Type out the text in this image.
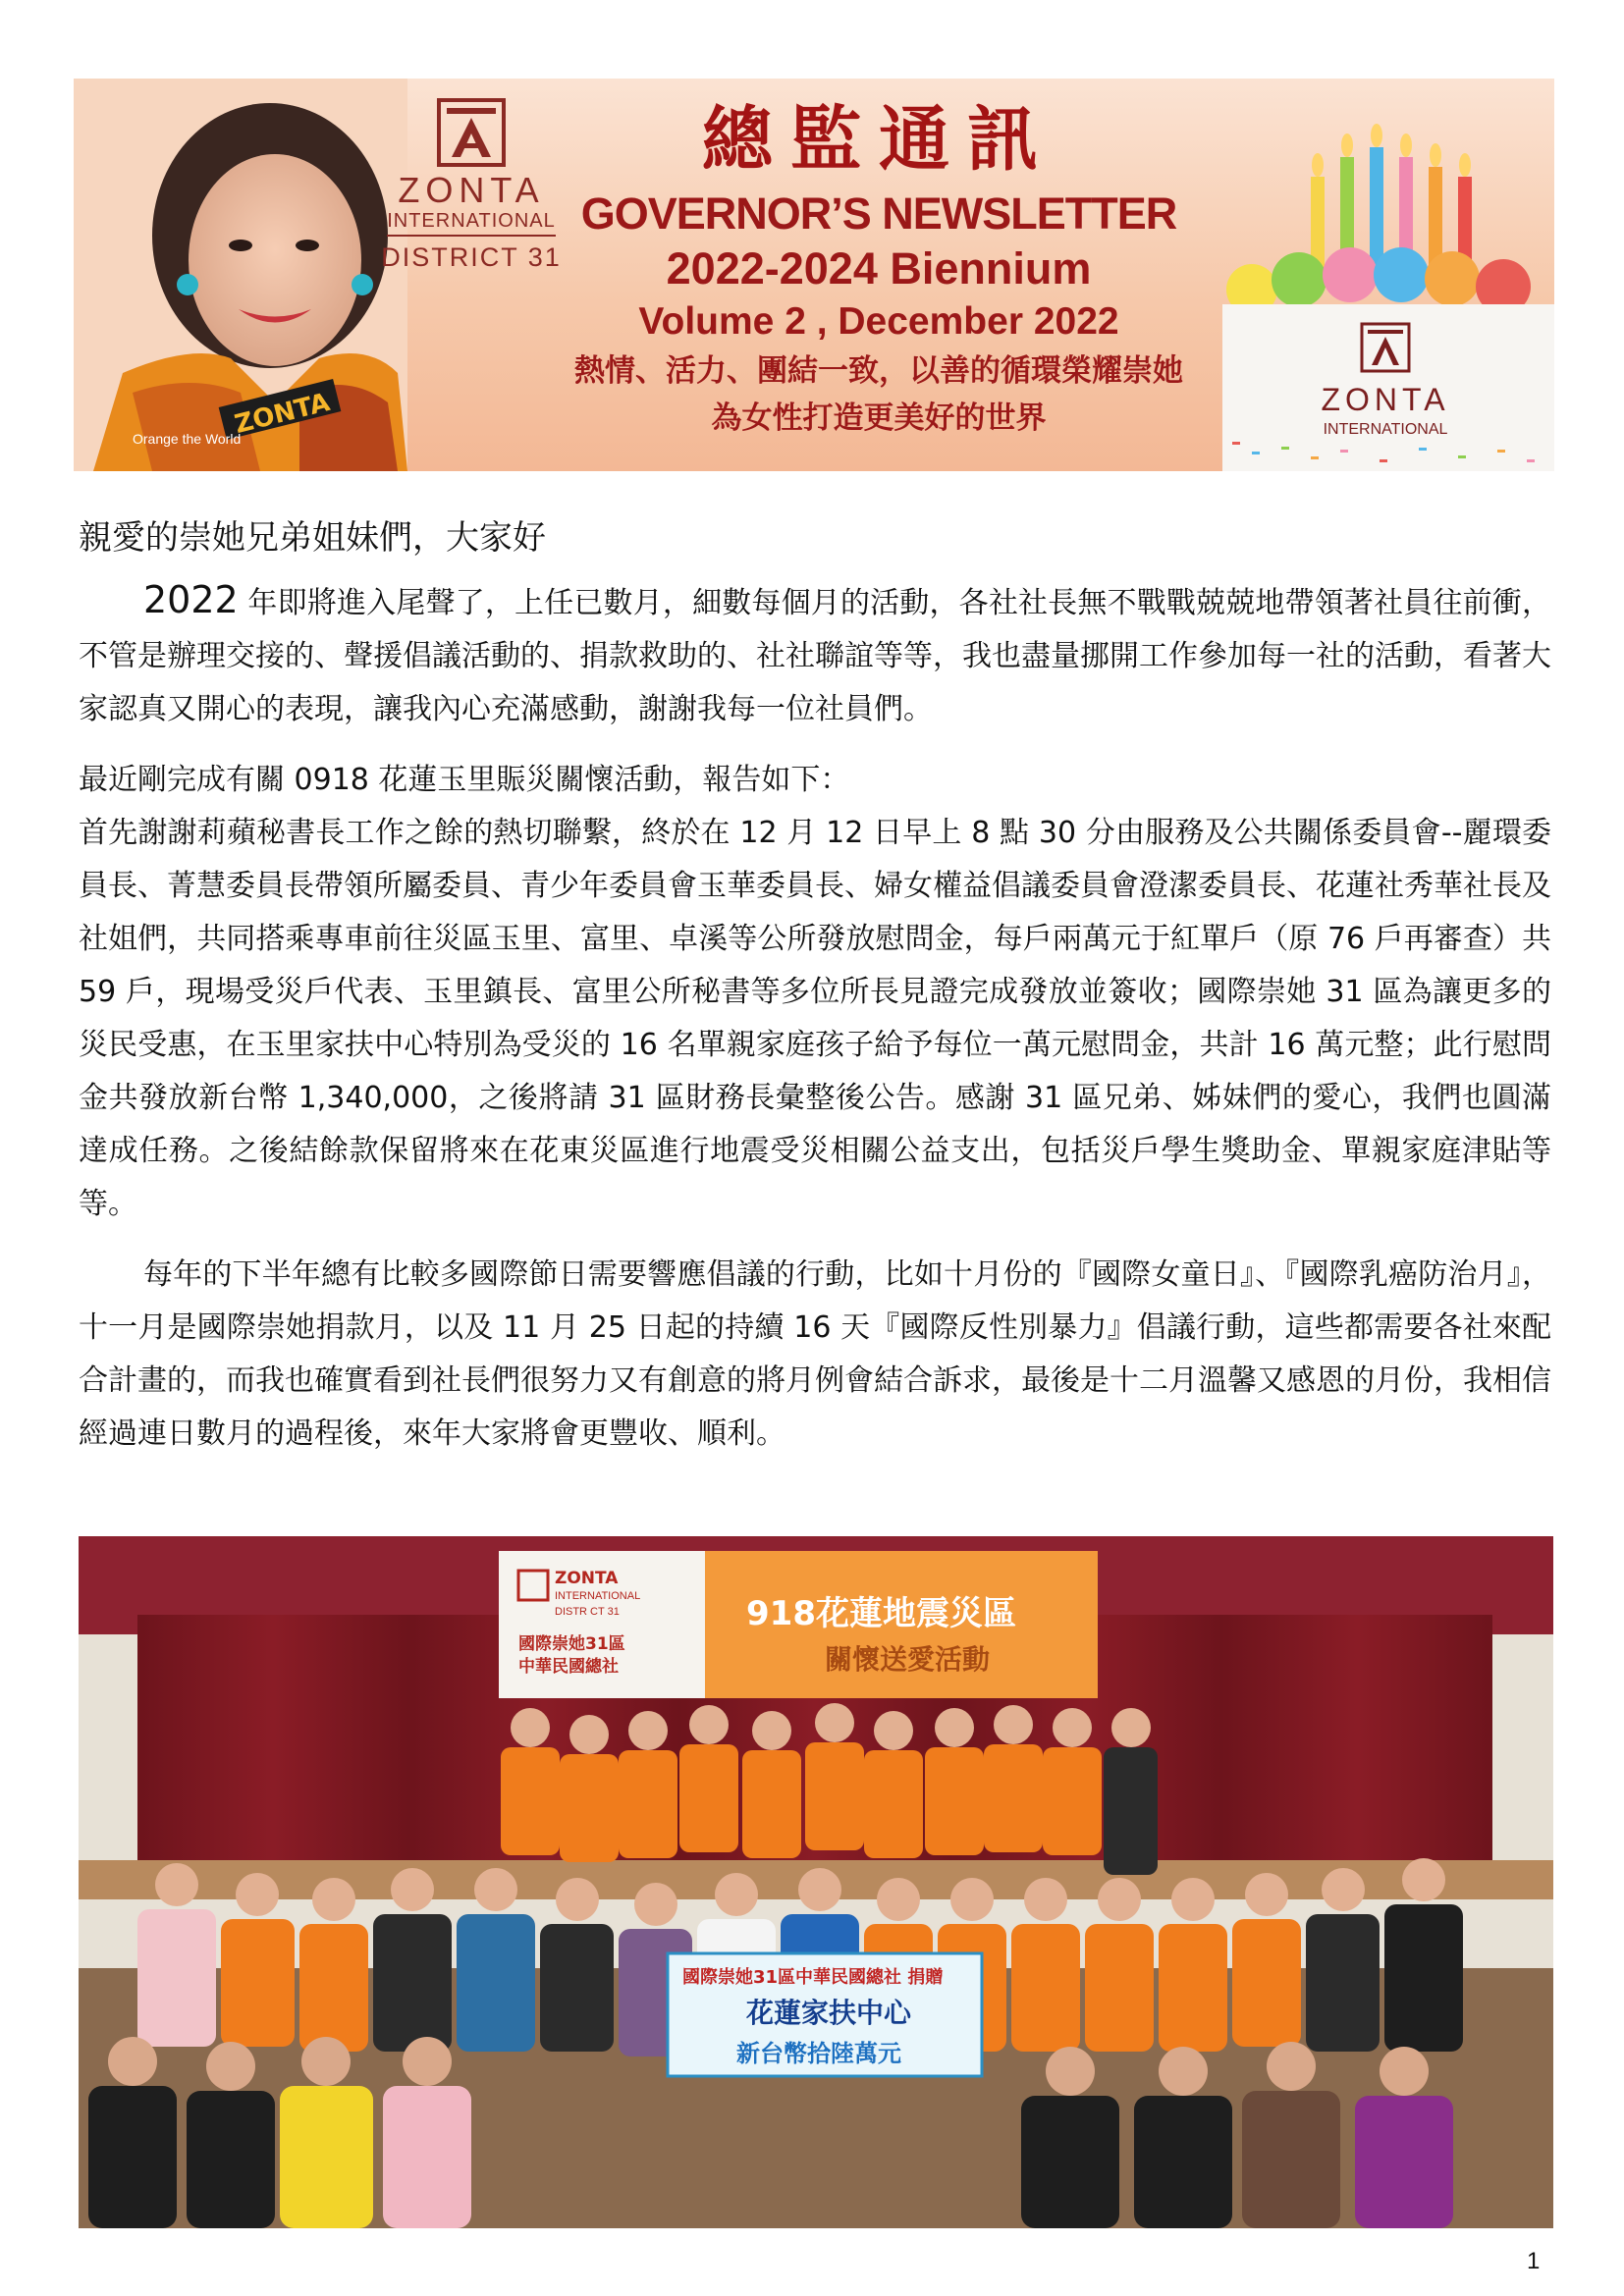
ZONTA
Orange the World
ZONTA
INTERNATIONAL
DISTRICT 31
總監通訊
GOVERNOR’S NEWSLETTER
2022-2024 Biennium
Volume 2 , December 2022
熱情、活力、團結一致，以善的循環榮耀崇她
為女性打造更美好的世界
ZONTA
INTERNATIONAL

親愛的崇她兄弟姐妹們，大家好

2022 年即將進入尾聲了，上任已數月，細數每個月的活動，各社社長無不戰戰兢兢地帶領著社員往前衝，不管是辦理交接的、聲援倡議活動的、捐款救助的、社社聯誼等等，我也盡量挪開工作參加每一社的活動，看著大家認真又開心的表現，讓我內心充滿感動，謝謝我每一位社員們。

最近剛完成有關 0918 花蓮玉里賑災關懷活動，報告如下：

首先謝謝莉蘋秘書長工作之餘的熱切聯繫，終於在 12 月 12 日早上 8 點 30 分由服務及公共關係委員會--麗環委員長、菁慧委員長帶領所屬委員、青少年委員會玉華委員長、婦女權益倡議委員會澄潔委員長、花蓮社秀華社長及社姐們，共同搭乘專車前往災區玉里、富里、卓溪等公所發放慰問金，每戶兩萬元于紅單戶（原 76 戶再審查）共 59 戶，現場受災戶代表、玉里鎮長、富里公所秘書等多位所長見證完成發放並簽收；國際崇她 31 區為讓更多的災民受惠，在玉里家扶中心特別為受災的 16 名單親家庭孩子給予每位一萬元慰問金，共計 16 萬元整；此行慰問金共發放新台幣 1,340,000，之後將請 31 區財務長彙整後公告。感謝 31 區兄弟、姊妹們的愛心，我們也圓滿達成任務。之後結餘款保留將來在花東災區進行地震受災相關公益支出，包括災戶學生獎助金、單親家庭津貼等等。

每年的下半年總有比較多國際節日需要響應倡議的行動，比如十月份的『國際女童日』、『國際乳癌防治月』，十一月是國際崇她捐款月，以及 11 月 25 日起的持續 16 天『國際反性別暴力』倡議行動，這些都需要各社來配合計畫的，而我也確實看到社長們很努力又有創意的將月例會結合訴求，最後是十二月溫馨又感恩的月份，我相信經過連日數月的過程後，來年大家將會更豐收、順利。

ZONTA
INTERNATIONAL
DISTR CT 31
國際崇她31區
中華民國總社
918花蓮地震災區
關懷送愛活動
國際崇她31區中華民國總社 捐贈
花蓮家扶中心
新台幣拾陸萬元
1
